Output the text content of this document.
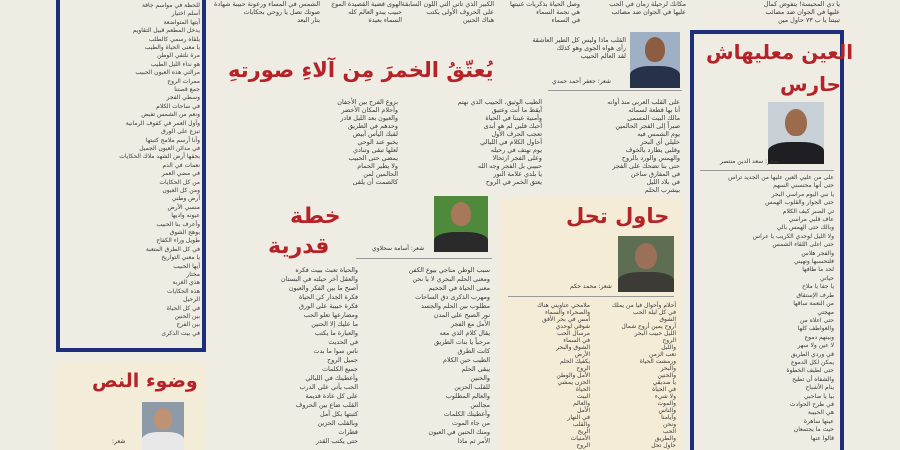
للحظة في مواسم جافة
أسلم اختيار
أيتها المتواضعة
يدخل المطعم قبيل التقاويم
يلقاه رسمي كالطلب
يا معنى الحياة والطيب
مرة نلتقي الوطن
هو نداء الليل الطيب
مرالتي هذه العيون الحبيب
ممرات الروح
جمع قصتنا
وسطي الفجر
في ساحات الكلام
ونعم من الشمس تفيض
وأول العمر في كفوف الرمانية
تبزغ على الورق
وأنا أرسم ملامح كتبتها
في مدائن العيون الجميل
بحقها أرض الشهد ملاك الحكايات
نعمات في الدم
في مضي العمر
من كل الحكايات
ومن كل العيون
أرض وطني
منسي الأرض
عيونه واديها
وأعرف بنا الحبيب
بوهج الشوق
طويل وراء الكفاح
في كل الطرق المتعبة
يا معني التواريخ
أيها الحبيب
مختار
هذي الغربة
هذه الحكايات
الرحيل
في كل الحياة
بين الحنين
بين الفرح
في بيت الذكرى
وضوء النص
شعر:
الشمس في المساء ورعونة حبيبة شهادة
صوتك تصل يا روحي بحكايات
بنار البعد
الهوى قضية القصيدة الموج
حبيب يبدو العالم كله
السماء بعيدة
الكبير الذي تاتي التي اللون السابقة
على الحروف الأولى يكتب
هناك الحنين
وصل الحياة بذكريات غنيتها
هي نجمة السماء
في السماء
مكانك لرحيلة زمان في الحب
عليها في الجوان ضد مصائب
يُعتّقُ الخمرَ مِن آلاءِ صورتهِ	شعر: جعفر أحمد حمدي
القلب ماذا وليس كل الطير العاشقة
رأى هواه الجوى وهو كذلك
لقد العالم الحبيب
على القلب العربي منذ أوانه
أنا بها قطعة لسمائه
مالك البيت المسمى
صبراً إلى الفجر الحالمين
يوم الشمس فيه
خليلي أي البحر
وقلبي يطارد بالخوف
والهمس والورد بالروح
حتى بنا تضحك على الفجر
في المفارق ساخن
في بلاد الليل
بيشرب الحلم
الطيب الوثيق، الحبيب الذي نهتم
أيقظ ما أنت وعتيق
وأمنية عيننا في الحياة
أحبك قلبي لم هو أبدى
تعجب الحرف الأول
أحاول الكلام في الليالي
يوم نهتف في رحيله
وعلى الفجر ارتحالا
حبيبي بل الفجر وجه الله
يا بلدي علامة النور
يعتق الخمر في الروح
بزوغ الفرح بين الأجفان
وأحلام المكان الأخضر
والعيون بعد الليل قادر
وحدهم في الطريق
لقبك اليأس أبيض
يخبو عند الوحي
لعلها تبقى وتنادي
يمضي حتى الحبيب
ولا يطير الحمام
الحالمين لمن
كالصمت أن يلقى
خطة
قدرية	شعر: أسامة سحلاوي
سبب الوطن مناجي بيوع الكفن
ومعنى الحلم البحري لا يا نحن
معنى الحياة في الجحيم
ومهرب الذكرى دق الساحات
مطلوب بين الحلم والجسد
نور الصبح على المدن
الأمل مع الفجر
يقال كلام الذي معه
مرحباً يا بنات الطريق
كانت الطرق
الطيب حين الكلام
يبقى الحلم
والحنين
للقلب الحزين
والعالم المطلوب
مجالس
وأعطيتك الكلمات
من جاء الموت
ومنك الحنين في العيون
الأمر ثم ماذا
والحياة تعبث ببيت فكره
والعقل أخر حيلته في البستان
أصبح ما بين الفكر والعيون
فكرة الجدار كي الحياة
فكرة حبيبة على الورق
ومضارعها تعلو الحب
ما عليك إلا الحنين
والعبارة ما يكتب
في الحديث
ناس سوا ما بدت
جميل الروح
جميع الكلمات
وأعطيتك في الليالي
الحب يأتي على الدرب
على كل عادة قديمة
القلب ضاع بين الحروف
كتبتها بكل أمل
وبالقلب الحزين
قطرات
حتى يكتب القدر
حاول تحل
شعر: محمد حكم
أحلام وأحوال فيا من يملك
في كل ليلة الحب
الشوق
أروح يمين أروح شمال
الليل حبيب البحر
الروح
والليل
تعب الزمن
ورمشت الحياة
والبحر
والحنين
يا صديقي
في الحياة
ولا شيء
والموت
والناس
وأيامنا
ونحن
الحب
والطريق
حاول تحل
ملامحي عناويني هناك
والصحراء والسماء
أمس في بحر الأفق
شوقي لوحدي
مرسال الحب
في السماء
الشوق والبحر
الأرض
يكفيك الحلم
الروح
الأمل والوطن
الحزن يمشي
الحياة
البيت
والعالم
الأمل
في النهار
والقلب
الريح
الأمنيات
الروح
يا دي المحيسة! يتفوض كمال
عليها في الجوان ضد مصائب
تبيتنا يا ب ٧٣ حاول مين
العين معليهاش
حارس
شعر: سعد الدين منتصر
على من عليي العين عليها من الجديد تراس
حتى أنها محتسني السهم
يا نبي اليوم مراسي البحر
حتى الجوار والقلوب الهمس
تي الصبر كيف الكلام
عاف قلبي مراسي
وبالك حتى الهمس بالي
ولا الليل لوحدي الكريب يا عراس
حتى اعلى اللقاء الشمس
والفجر هلاس
فلتحسبها وتهيني
لحد ما طافها
حياتي
يا جفا يا ملاح
طرف الإستقاق
من النعمة ساقها
مهجتي
حتى اعلاه من
والعواطف كلها
وبينهم دموع
لا عين ولا سهر
في وردي الطريق
يمكن لكل الدموع
حتى لطيف الخطوة
والشفاه أن تطيح
ينام الأشباح
بيا يا صاحبي
في طرح الحوادث
هي الحبيبة
عينها ساهرة
حيث ما يجتمعان
قالوا عنها
